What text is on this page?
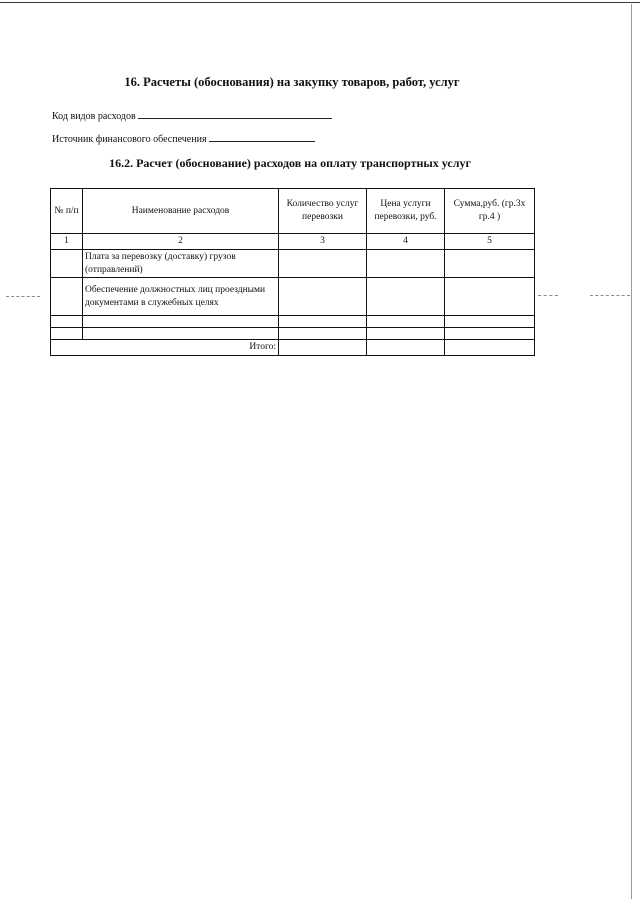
16. Расчеты (обоснования) на закупку товаров, работ, услуг
Код видов расходов
Источник финансового обеспечения
16.2. Расчет (обоснование) расходов на оплату транспортных услуг
№ п/п	Наименование расходов	Количество услуг перевозки	Цена услуги перевозки, руб.	Сумма,руб. (гр.3х гр.4 )
1	2	3	4	5
	Плата за перевозку (доставку) грузов (отправлений)			
	Обеспечение должностных лиц проездными документами в служебных целях			

Итого:				
